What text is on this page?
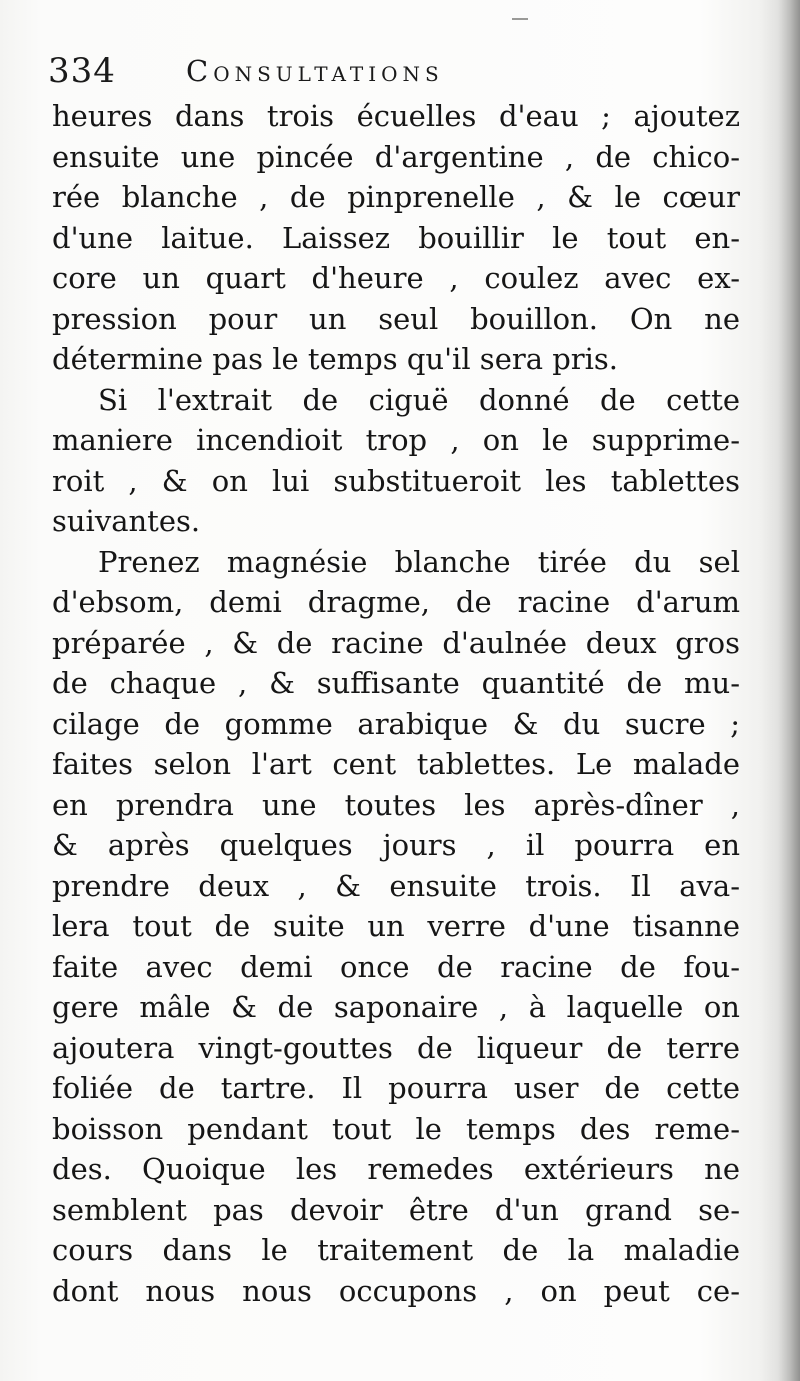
334 Consultations
heures dans trois écuelles d'eau ; ajoutez
ensuite une pincée d'argentine , de chico-
rée blanche , de pinprenelle , & le cœur
d'une laitue. Laissez bouillir le tout en-
core un quart d'heure , coulez avec ex-
pression pour un seul bouillon. On ne
détermine pas le temps qu'il sera pris.
Si l'extrait de ciguë donné de cette
maniere incendioit trop , on le supprime-
roit , & on lui substitueroit les tablettes
suivantes.
Prenez magnésie blanche tirée du sel
d'ebsom, demi dragme, de racine d'arum
préparée , & de racine d'aulnée deux gros
de chaque , & suffisante quantité de mu-
cilage de gomme arabique & du sucre ;
faites selon l'art cent tablettes. Le malade
en prendra une toutes les après-dîner ,
& après quelques jours , il pourra en
prendre deux , & ensuite trois. Il ava-
lera tout de suite un verre d'une tisanne
faite avec demi once de racine de fou-
gere mâle & de saponaire , à laquelle on
ajoutera vingt-gouttes de liqueur de terre
foliée de tartre. Il pourra user de cette
boisson pendant tout le temps des reme-
des. Quoique les remedes extérieurs ne
semblent pas devoir être d'un grand se-
cours dans le traitement de la maladie
dont nous nous occupons , on peut ce-
